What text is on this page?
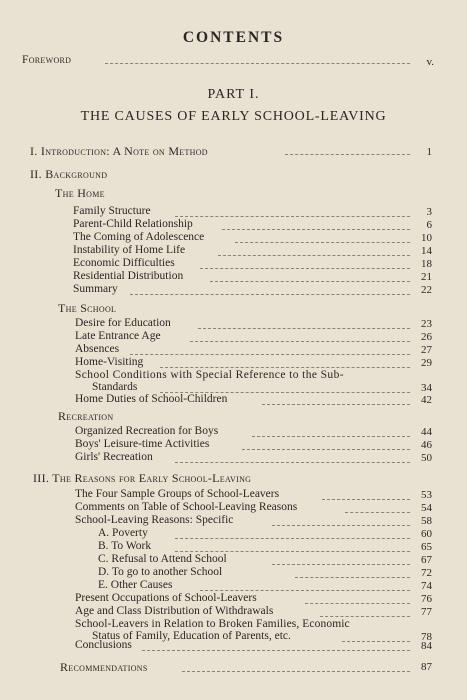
CONTENTS
Foreword	v.
PART I.
THE CAUSES OF EARLY SCHOOL-LEAVING
I. Introduction: A Note on Method	1
II. Background
The Home
Family Structure	3
Parent-Child Relationship	6
The Coming of Adolescence	10
Instability of Home Life	14
Economic Difficulties	18
Residential Distribution	21
Summary	22
The School
Desire for Education	23
Late Entrance Age	26
Absences	27
Home-Visiting	29
School Conditions with Special Reference to the Sub-
Standards	34
Home Duties of School-Children	42
Recreation
Organized Recreation for Boys	44
Boys' Leisure-time Activities	46
Girls' Recreation	50
III. The Reasons for Early School-Leaving
The Four Sample Groups of School-Leavers	53
Comments on Table of School-Leaving Reasons	54
School-Leaving Reasons: Specific	58
A. Poverty	60
B. To Work	65
C. Refusal to Attend School	67
D. To go to another School	72
E. Other Causes	74
Present Occupations of School-Leavers	76
Age and Class Distribution of Withdrawals	77
School-Leavers in Relation to Broken Families, Economic
Status of Family, Education of Parents, etc.	78
Conclusions	84
Recommendations	87
